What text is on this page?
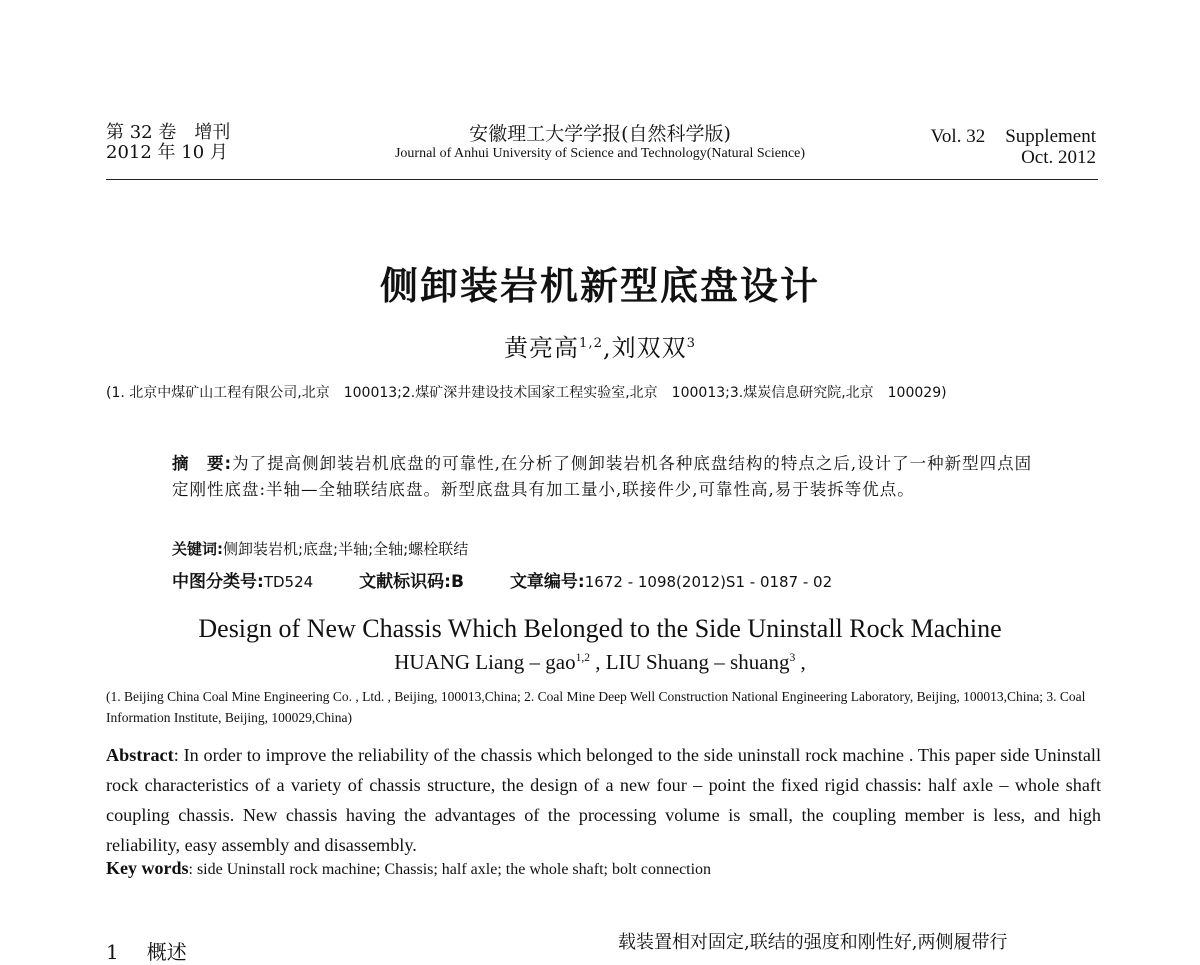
第 32 卷　增刊
2012 年 10 月
安徽理工大学学报(自然科学版)
Journal of Anhui University of Science and Technology(Natural Science)
Vol. 32 Supplement
Oct. 2012
侧卸装岩机新型底盘设计
黄亮高$^{1,2}$,刘双双$^3$
(1. 北京中煤矿山工程有限公司,北京　100013;2.煤矿深井建设技术国家工程实验室,北京　100013;3.煤炭信息研究院,北京　100029)
摘　要:为了提高侧卸装岩机底盘的可靠性,在分析了侧卸装岩机各种底盘结构的特点之后,设计了一种新型四点固定刚性底盘:半轴—全轴联结底盘。新型底盘具有加工量小,联接件少,可靠性高,易于装拆等优点。
关键词:侧卸装岩机;底盘;半轴;全轴;螺栓联结
中图分类号:TD524	文献标识码:B	文章编号:1672 - 1098(2012)S1 - 0187 - 02
Design of New Chassis Which Belonged to the Side Uninstall Rock Machine
HUANG Liang – gao$^{1,2}$ , LIU Shuang – shuang$^3$ ,
(1. Beijing China Coal Mine Engineering Co. , Ltd. , Beijing, 100013,China; 2. Coal Mine Deep Well Construction National Engineering Laboratory, Beijing, 100013,China; 3. Coal Information Institute, Beijing, 100029,China)
Abstract: In order to improve the reliability of the chassis which belonged to the side uninstall rock machine . This paper side Uninstall rock characteristics of a variety of chassis structure, the design of a new four – point the fixed rigid chassis: half axle – whole shaft coupling chassis. New chassis having the advantages of the processing volume is small, the coupling member is less, and high reliability, easy assembly and disassembly.
Key words: side Uninstall rock machine; Chassis; half axle; the whole shaft; bolt connection
1 概述	载装置相对固定,联结的强度和刚性好,两侧履带行
